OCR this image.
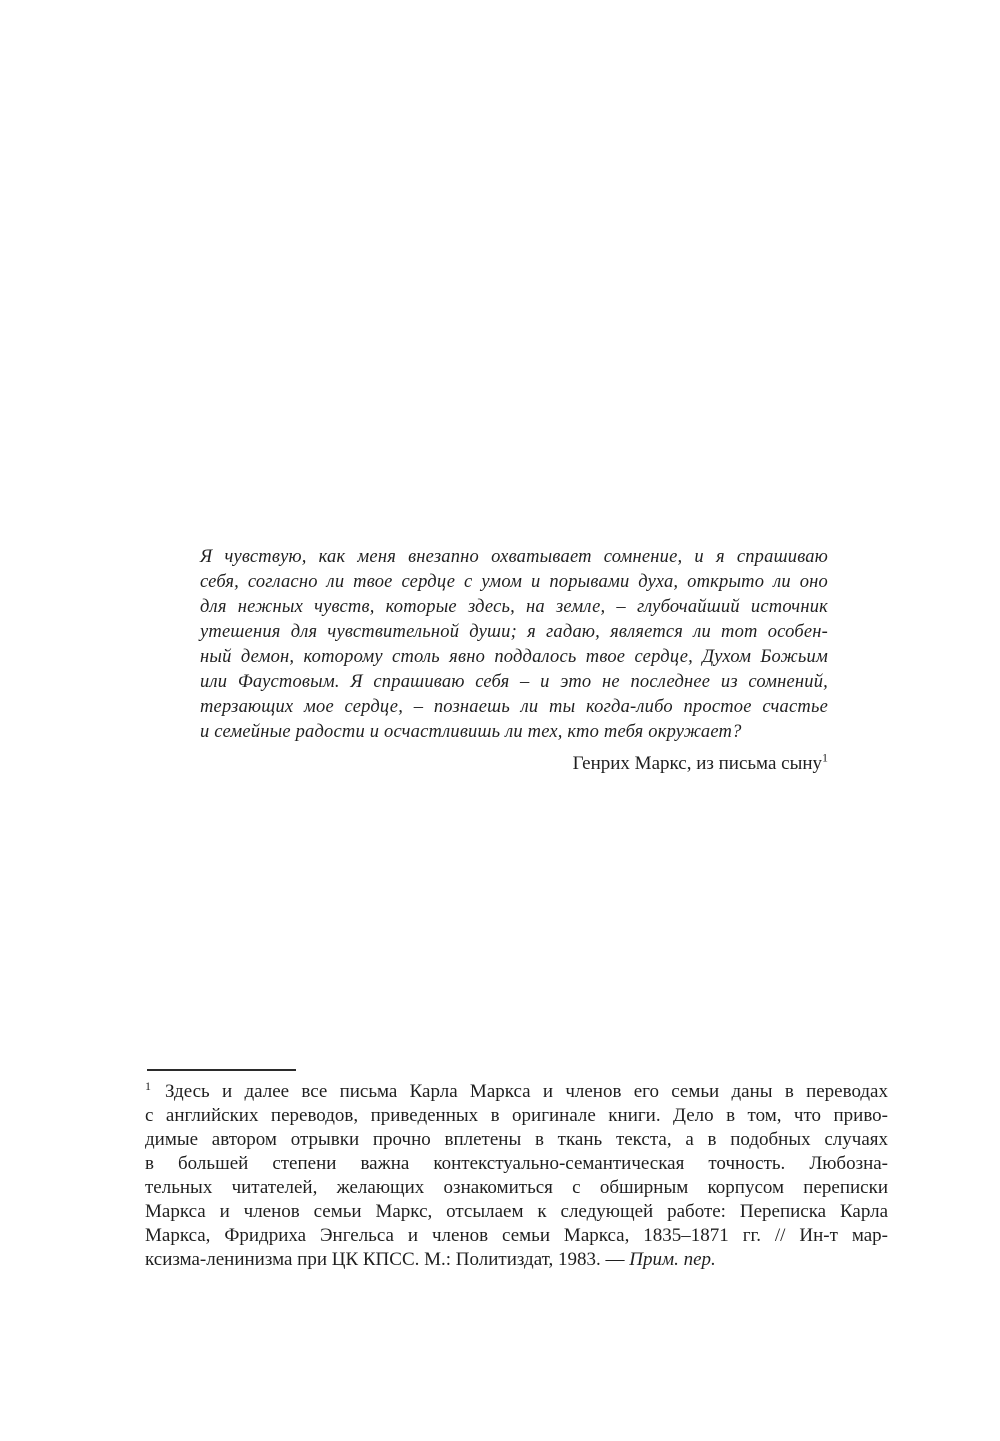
Я чувствую, как меня внезапно охватывает сомнение, и я спрашиваю
себя, согласно ли твое сердце с умом и порывами духа, открыто ли оно
для нежных чувств, которые здесь, на земле, – глубочайший источник
утешения для чувствительной души; я гадаю, является ли тот особен-
ный демон, которому столь явно поддалось твое сердце, Духом Божьим
или Фаустовым. Я спрашиваю себя – и это не последнее из сомнений,
терзающих мое сердце, – познаешь ли ты когда-либо простое счастье
и семейные радости и осчастливишь ли тех, кто тебя окружает?
Генрих Маркс, из письма сыну$^1$
$^1$ Здесь и далее все письма Карла Маркса и членов его семьи даны в переводах
с английских переводов, приведенных в оригинале книги. Дело в том, что приво-
димые автором отрывки прочно вплетены в ткань текста, а в подобных случаях
в большей степени важна контекстуально-семантическая точность. Любозна-
тельных читателей, желающих ознакомиться с обширным корпусом переписки
Маркса и членов семьи Маркс, отсылаем к следующей работе: Переписка Карла
Маркса, Фридриха Энгельса и членов семьи Маркса, 1835–1871 гг. // Ин-т мар-
ксизма-ленинизма при ЦК КПСС. М.: Политиздат, 1983. — Прим. пер.
